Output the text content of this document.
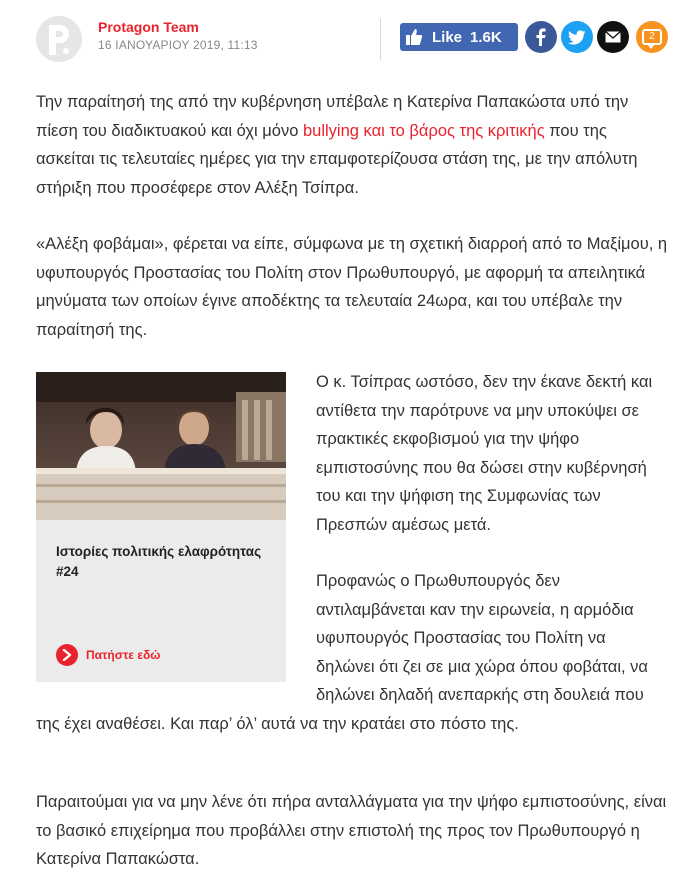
Protagon Team
16 ΙΑΝΟΥΑΡΙΟΥ 2019, 11:13	Like 1.6K	2

Την παραίτησή της από την κυβέρνηση υπέβαλε η Κατερίνα Παπακώστα υπό την πίεση του διαδικτυακού και όχι μόνο bullying και το βάρος της κριτικής που της ασκείται τις τελευταίες ημέρες για την επαμφοτερίζουσα στάση της, με την απόλυτη στήριξη που προσέφερε στον Αλέξη Τσίπρα.

«Αλέξη φοβάμαι», φέρεται να είπε, σύμφωνα με τη σχετική διαρροή από το Μαξίμου, η υφυπουργός Προστασίας του Πολίτη στον Πρωθυπουργό, με αφορμή τα απειλητικά μηνύματα των οποίων έγινε αποδέκτης τα τελευταία 24ωρα, και του υπέβαλε την παραίτησή της.

Ιστορίες πολιτικής ελαφρότητας #24
Πατήστε εδώ

Ο κ. Τσίπρας ωστόσο, δεν την έκανε δεκτή και αντίθετα την παρότρυνε να μην υποκύψει σε πρακτικές εκφοβισμού για την ψήφο εμπιστοσύνης που θα δώσει στην κυβέρνησή του και την ψήφιση της Συμφωνίας των Πρεσπών αμέσως μετά.

Προφανώς ο Πρωθυπουργός δεν αντιλαμβάνεται καν την ειρωνεία, η αρμόδια υφυπουργός Προστασίας του Πολίτη να δηλώνει ότι ζει σε μια χώρα όπου φοβάται, να δηλώνει δηλαδή ανεπαρκής στη δουλειά που της έχει αναθέσει. Και παρ’ όλ’ αυτά να την κρατάει στο πόστο της.

Παραιτούμαι για να μην λένε ότι πήρα ανταλλάγματα για την ψήφο εμπιστοσύνης, είναι το βασικό επιχείρημα που προβάλλει στην επιστολή της προς τον Πρωθυπουργό η Κατερίνα Παπακώστα.
